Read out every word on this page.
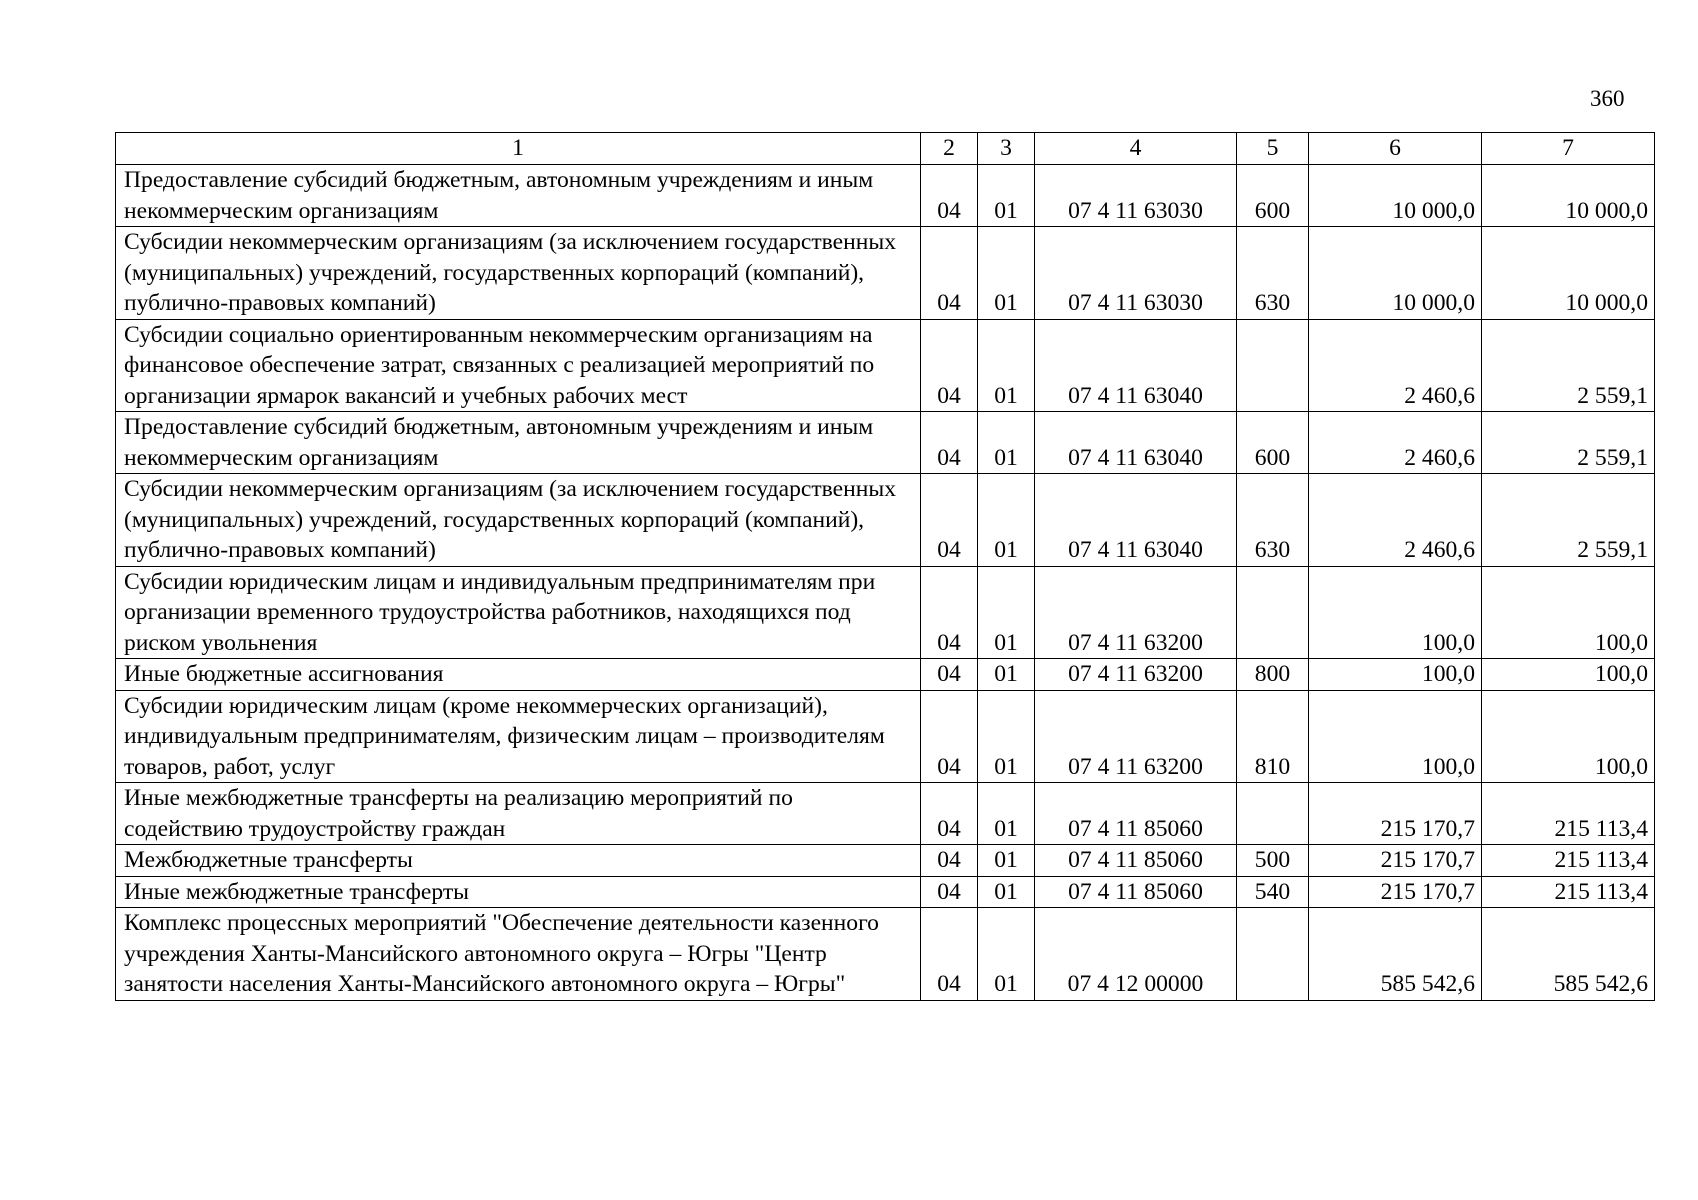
360
1	2	3	4	5	6	7
Предоставление субсидий бюджетным, автономным учреждениям и иным некоммерческим организациям	04	01	07 4 11 63030	600	10 000,0	10 000,0
Субсидии некоммерческим организациям (за исключением государственных (муниципальных) учреждений, государственных корпораций (компаний), публично-правовых компаний)	04	01	07 4 11 63030	630	10 000,0	10 000,0
Субсидии социально ориентированным некоммерческим организациям на финансовое обеспечение затрат, связанных с реализацией мероприятий по организации ярмарок вакансий и учебных рабочих мест	04	01	07 4 11 63040		2 460,6	2 559,1
Предоставление субсидий бюджетным, автономным учреждениям и иным некоммерческим организациям	04	01	07 4 11 63040	600	2 460,6	2 559,1
Субсидии некоммерческим организациям (за исключением государственных (муниципальных) учреждений, государственных корпораций (компаний), публично-правовых компаний)	04	01	07 4 11 63040	630	2 460,6	2 559,1
Субсидии юридическим лицам и индивидуальным предпринимателям при организации временного трудоустройства работников, находящихся под риском увольнения	04	01	07 4 11 63200		100,0	100,0
Иные бюджетные ассигнования	04	01	07 4 11 63200	800	100,0	100,0
Субсидии юридическим лицам (кроме некоммерческих организаций), индивидуальным предпринимателям, физическим лицам – производителям товаров, работ, услуг	04	01	07 4 11 63200	810	100,0	100,0
Иные межбюджетные трансферты на реализацию мероприятий по содействию трудоустройству граждан	04	01	07 4 11 85060		215 170,7	215 113,4
Межбюджетные трансферты	04	01	07 4 11 85060	500	215 170,7	215 113,4
Иные межбюджетные трансферты	04	01	07 4 11 85060	540	215 170,7	215 113,4
Комплекс процессных мероприятий "Обеспечение деятельности казенного учреждения Ханты-Мансийского автономного округа – Югры "Центр занятости населения Ханты-Мансийского автономного округа – Югры"	04	01	07 4 12 00000		585 542,6	585 542,6
